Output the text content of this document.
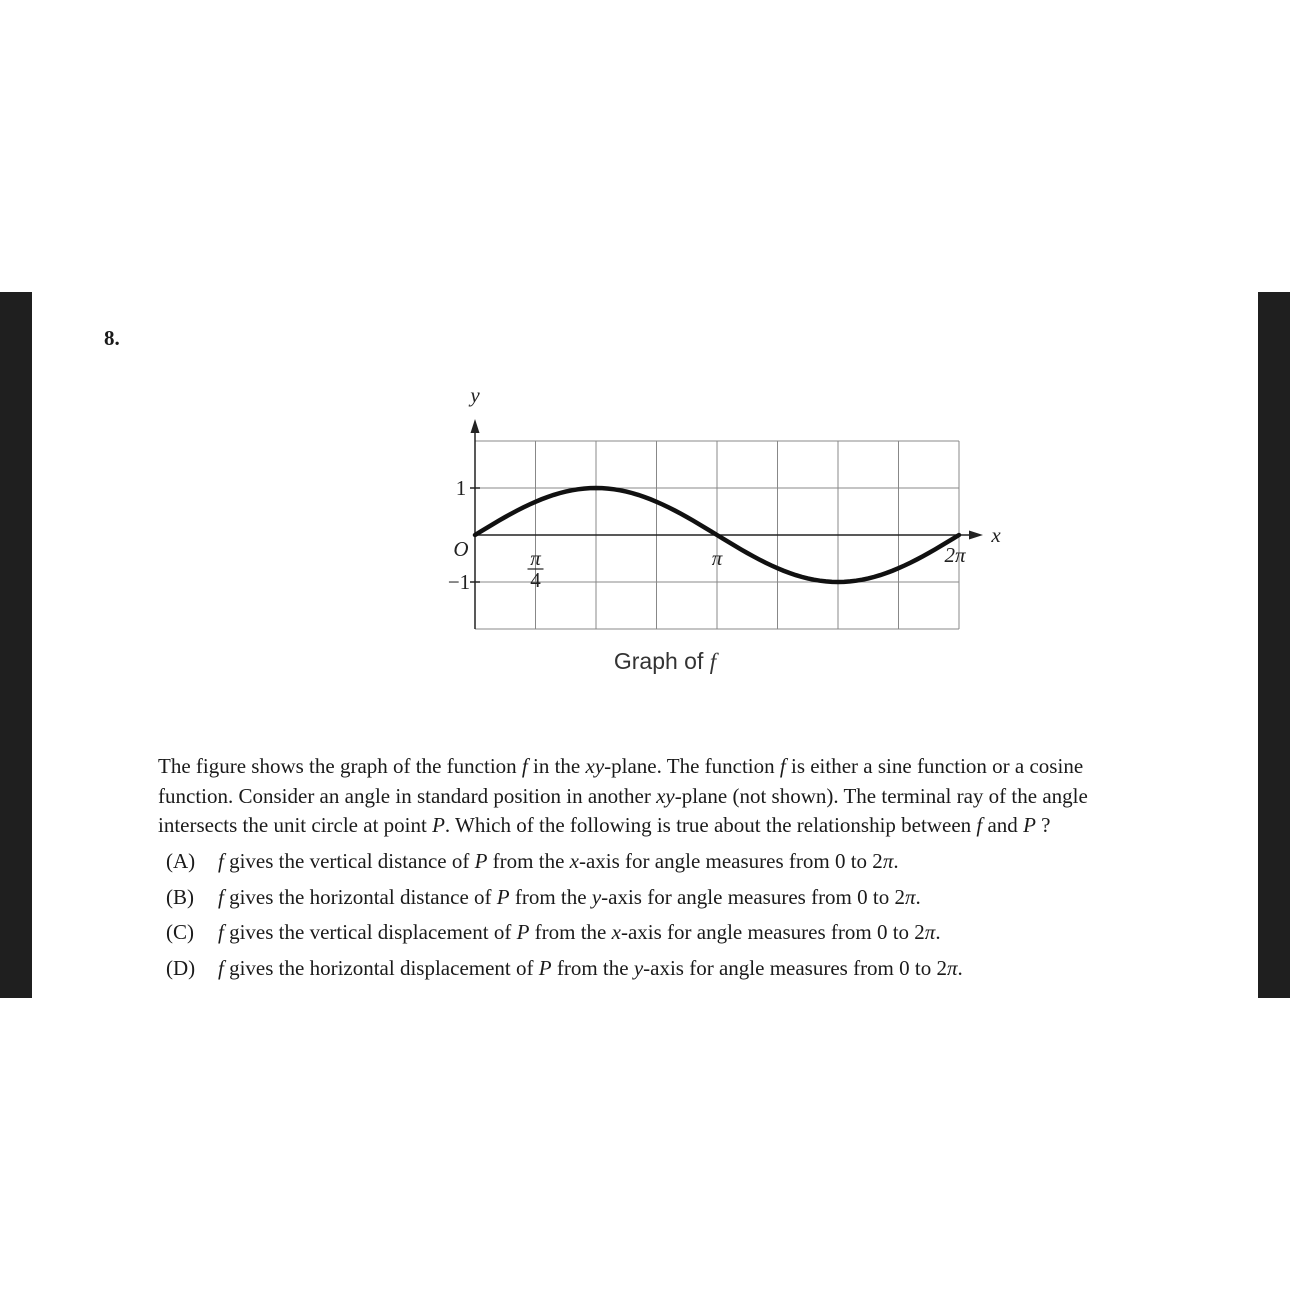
8.
y
x
O
1
−1
π
4
π	2π
Graph of f
The figure shows the graph of the function f in the xy-plane. The function f is either a sine function or a cosine function. Consider an angle in standard position in another xy-plane (not shown). The terminal ray of the angle intersects the unit circle at point P. Which of the following is true about the relationship between f and P ?
(A)	f gives the vertical distance of P from the x-axis for angle measures from 0 to 2π.
(B)	f gives the horizontal distance of P from the y-axis for angle measures from 0 to 2π.
(C)	f gives the vertical displacement of P from the x-axis for angle measures from 0 to 2π.
(D)	f gives the horizontal displacement of P from the y-axis for angle measures from 0 to 2π.
